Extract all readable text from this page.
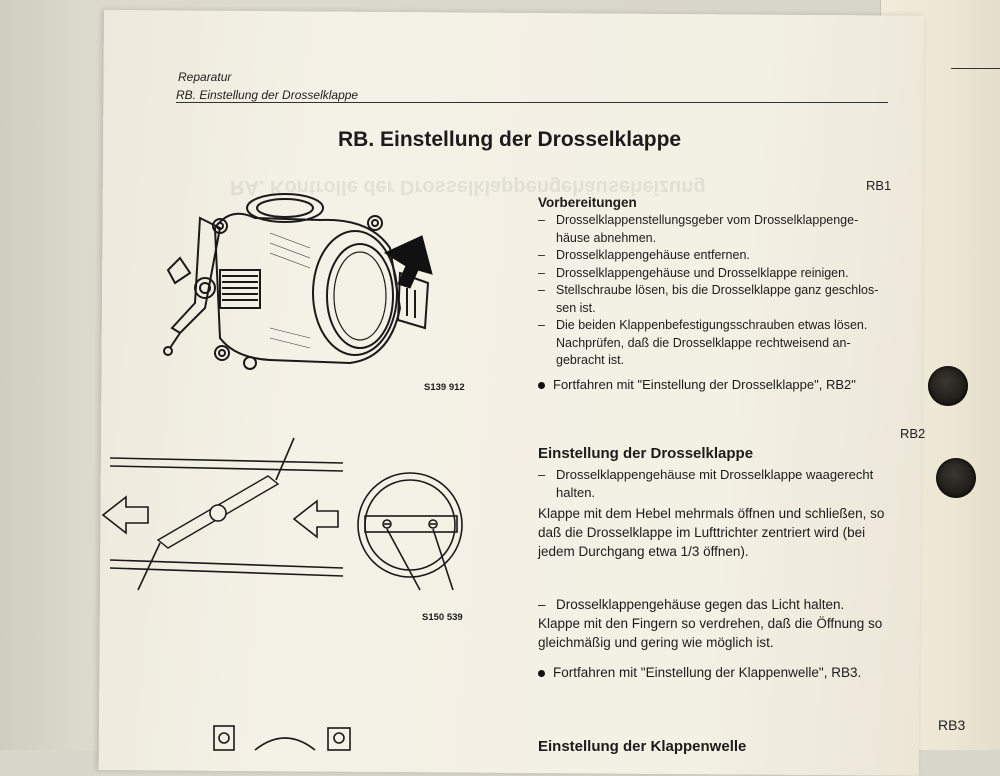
RA. Kontrolle der Drosselklappengehäuseheizung
Reparatur
RB. Einstellung der Drosselklappe
RB. Einstellung der Drosselklappe
S139 912
S150 539
RB1
Vorbereitungen
– Drosselklappenstellungsgeber vom Drosselklappenge-
häuse abnehmen.
– Drosselklappengehäuse entfernen.
– Drosselklappengehäuse und Drosselklappe reinigen.
– Stellschraube lösen, bis die Drosselklappe ganz geschlos-
sen ist.
– Die beiden Klappenbefestigungsschrauben etwas lösen.
Nachprüfen, daß die Drosselklappe rechtweisend an-
gebracht ist.
Fortfahren mit "Einstellung der Drosselklappe", RB2"
RB2
Einstellung der Drosselklappe
– Drosselklappengehäuse mit Drosselklappe waagerecht
halten.
Klappe mit dem Hebel mehrmals öffnen und schließen, so
daß die Drosselklappe im Lufttrichter zentriert wird (bei
jedem Durchgang etwa 1/3 öffnen).
– Drosselklappengehäuse gegen das Licht halten.
Klappe mit den Fingern so verdrehen, daß die Öffnung so
gleichmäßig und gering wie möglich ist.
Fortfahren mit "Einstellung der Klappenwelle", RB3.
RB3
Einstellung der Klappenwelle
